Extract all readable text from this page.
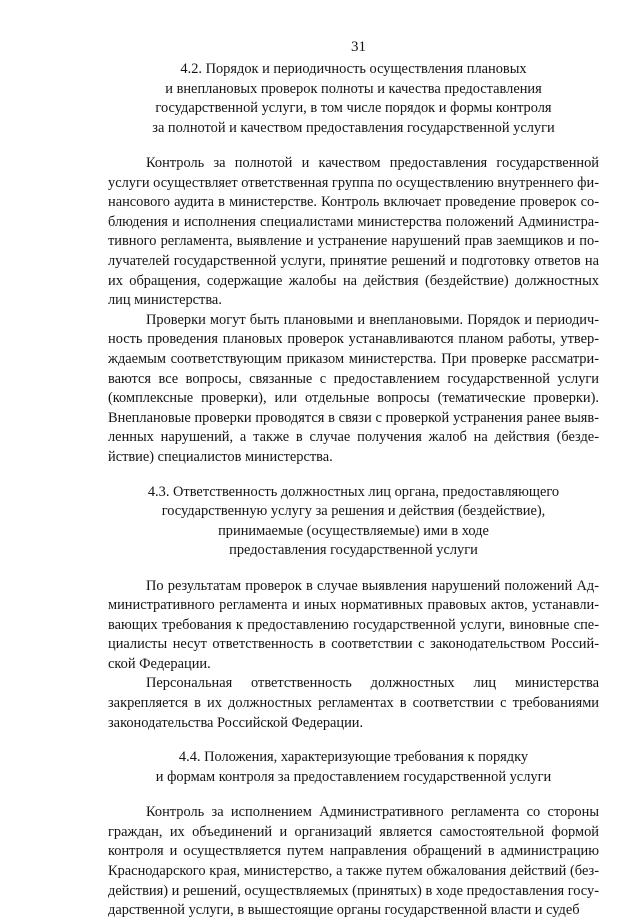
31
4.2. Порядок и периодичность осуществления плановых
и внеплановых проверок полноты и качества предоставления
государственной услуги, в том числе порядок и формы контроля
за полнотой и качеством предоставления государственной услуги

Контроль за полнотой и качеством предоставления государственной услуги осуществляет ответственная группа по осуществлению внутреннего финансового аудита в министерстве. Контроль включает проведение проверок соблюдения и исполнения специалистами министерства положений Административного регламента, выявление и устранение нарушений прав заемщиков и получателей государственной услуги, принятие решений и подготовку ответов на их обращения, содержащие жалобы на действия (бездействие) должностных лиц министерства.

Проверки могут быть плановыми и внеплановыми. Порядок и периодичность проведения плановых проверок устанавливаются планом работы, утверждаемым соответствующим приказом министерства. При проверке рассматриваются все вопросы, связанные с предоставлением государственной услуги (комплексные проверки), или отдельные вопросы (тематические проверки). Внеплановые проверки проводятся в связи с проверкой устранения ранее выявленных нарушений, а также в случае получения жалоб на действия (бездействие) специалистов министерства.

4.3. Ответственность должностных лиц органа, предоставляющего
государственную услугу за решения и действия (бездействие),
принимаемые (осуществляемые) ими в ходе
предоставления государственной услуги

По результатам проверок в случае выявления нарушений положений Административного регламента и иных нормативных правовых актов, устанавливающих требования к предоставлению государственной услуги, виновные специалисты несут ответственность в соответствии с законодательством Российской Федерации.

Персональная ответственность должностных лиц министерства закрепляется в их должностных регламентах в соответствии с требованиями законодательства Российской Федерации.

4.4. Положения, характеризующие требования к порядку
и формам контроля за предоставлением государственной услуги

Контроль за исполнением Административного регламента со стороны граждан, их объединений и организаций является самостоятельной формой контроля и осуществляется путем направления обращений в администрацию Краснодарского края, министерство, а также путем обжалования действий (бездействия) и решений, осуществляемых (принятых) в ходе предоставления государственной услуги, в вышестоящие органы государственной власти и судеб
